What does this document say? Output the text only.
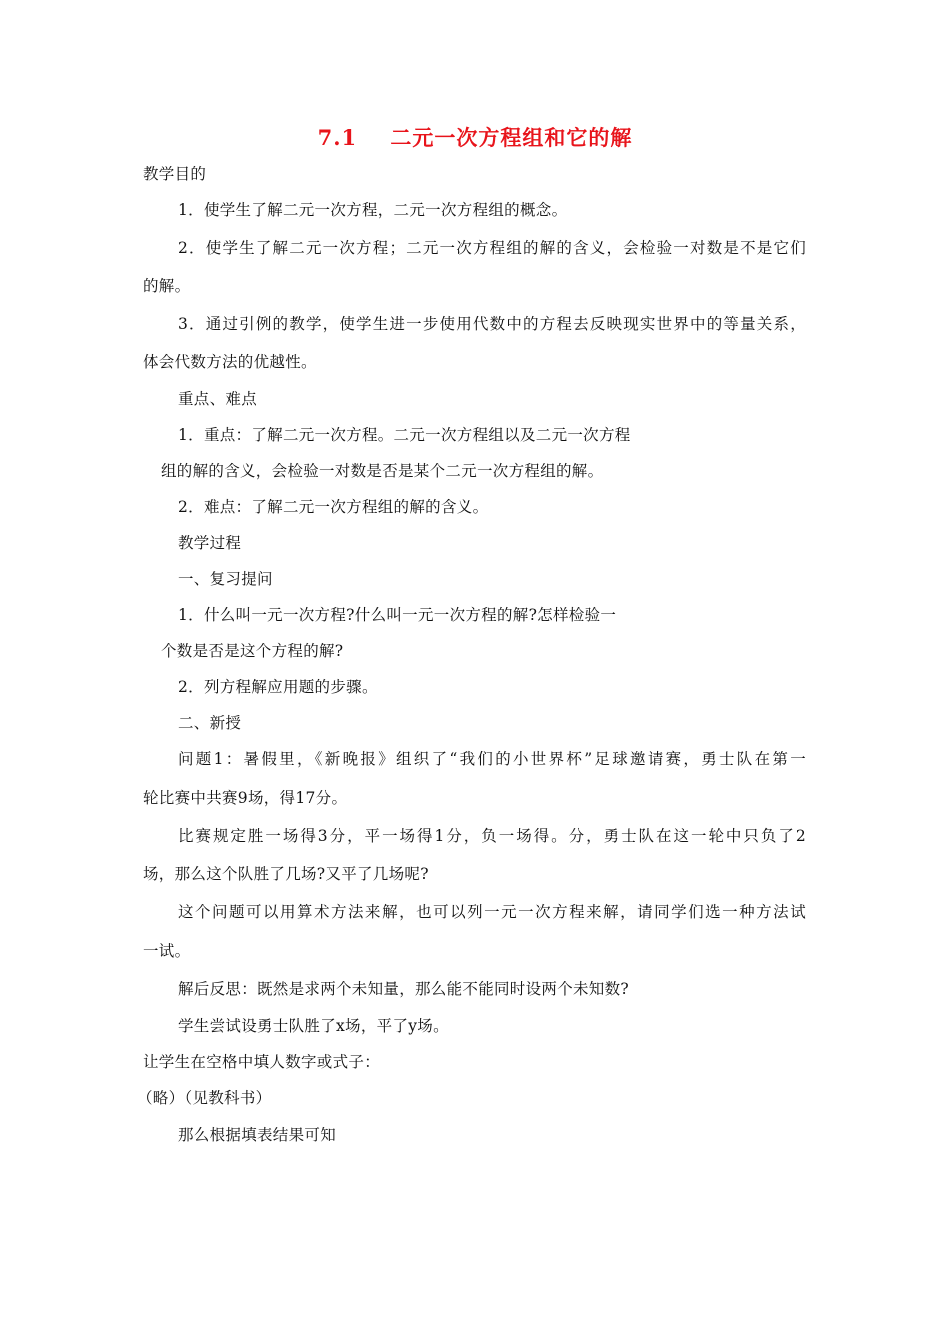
7.1    二元一次方程组和它的解
教学目的
1．使学生了解二元一次方程，二元一次方程组的概念。
2．使学生了解二元一次方程；二元一次方程组的解的含义，会检验一对数是不是它们
的解。
3．通过引例的教学，使学生进一步使用代数中的方程去反映现实世界中的等量关系，
体会代数方法的优越性。
重点、难点
1．重点：了解二元一次方程。二元一次方程组以及二元一次方程
组的解的含义，会检验一对数是否是某个二元一次方程组的解。
2．难点：了解二元一次方程组的解的含义。
教学过程
一、复习提问
1．什么叫一元一次方程?什么叫一元一次方程的解?怎样检验一
个数是否是这个方程的解?
2．列方程解应用题的步骤。
二、新授
问题1：暑假里，《新晚报》组织了“我们的小世界杯”足球邀请赛，勇士队在第一
轮比赛中共赛9场，得17分。
比赛规定胜一场得3分，平一场得1分，负一场得。分，勇士队在这一轮中只负了2
场，那么这个队胜了几场?又平了几场呢?
这个问题可以用算术方法来解，也可以列一元一次方程来解，请同学们选一种方法试
一试。
解后反思：既然是求两个未知量，那么能不能同时设两个未知数?
学生尝试设勇士队胜了x场，平了y场。
让学生在空格中填人数字或式子：
（略）（见教科书）
那么根据填表结果可知
